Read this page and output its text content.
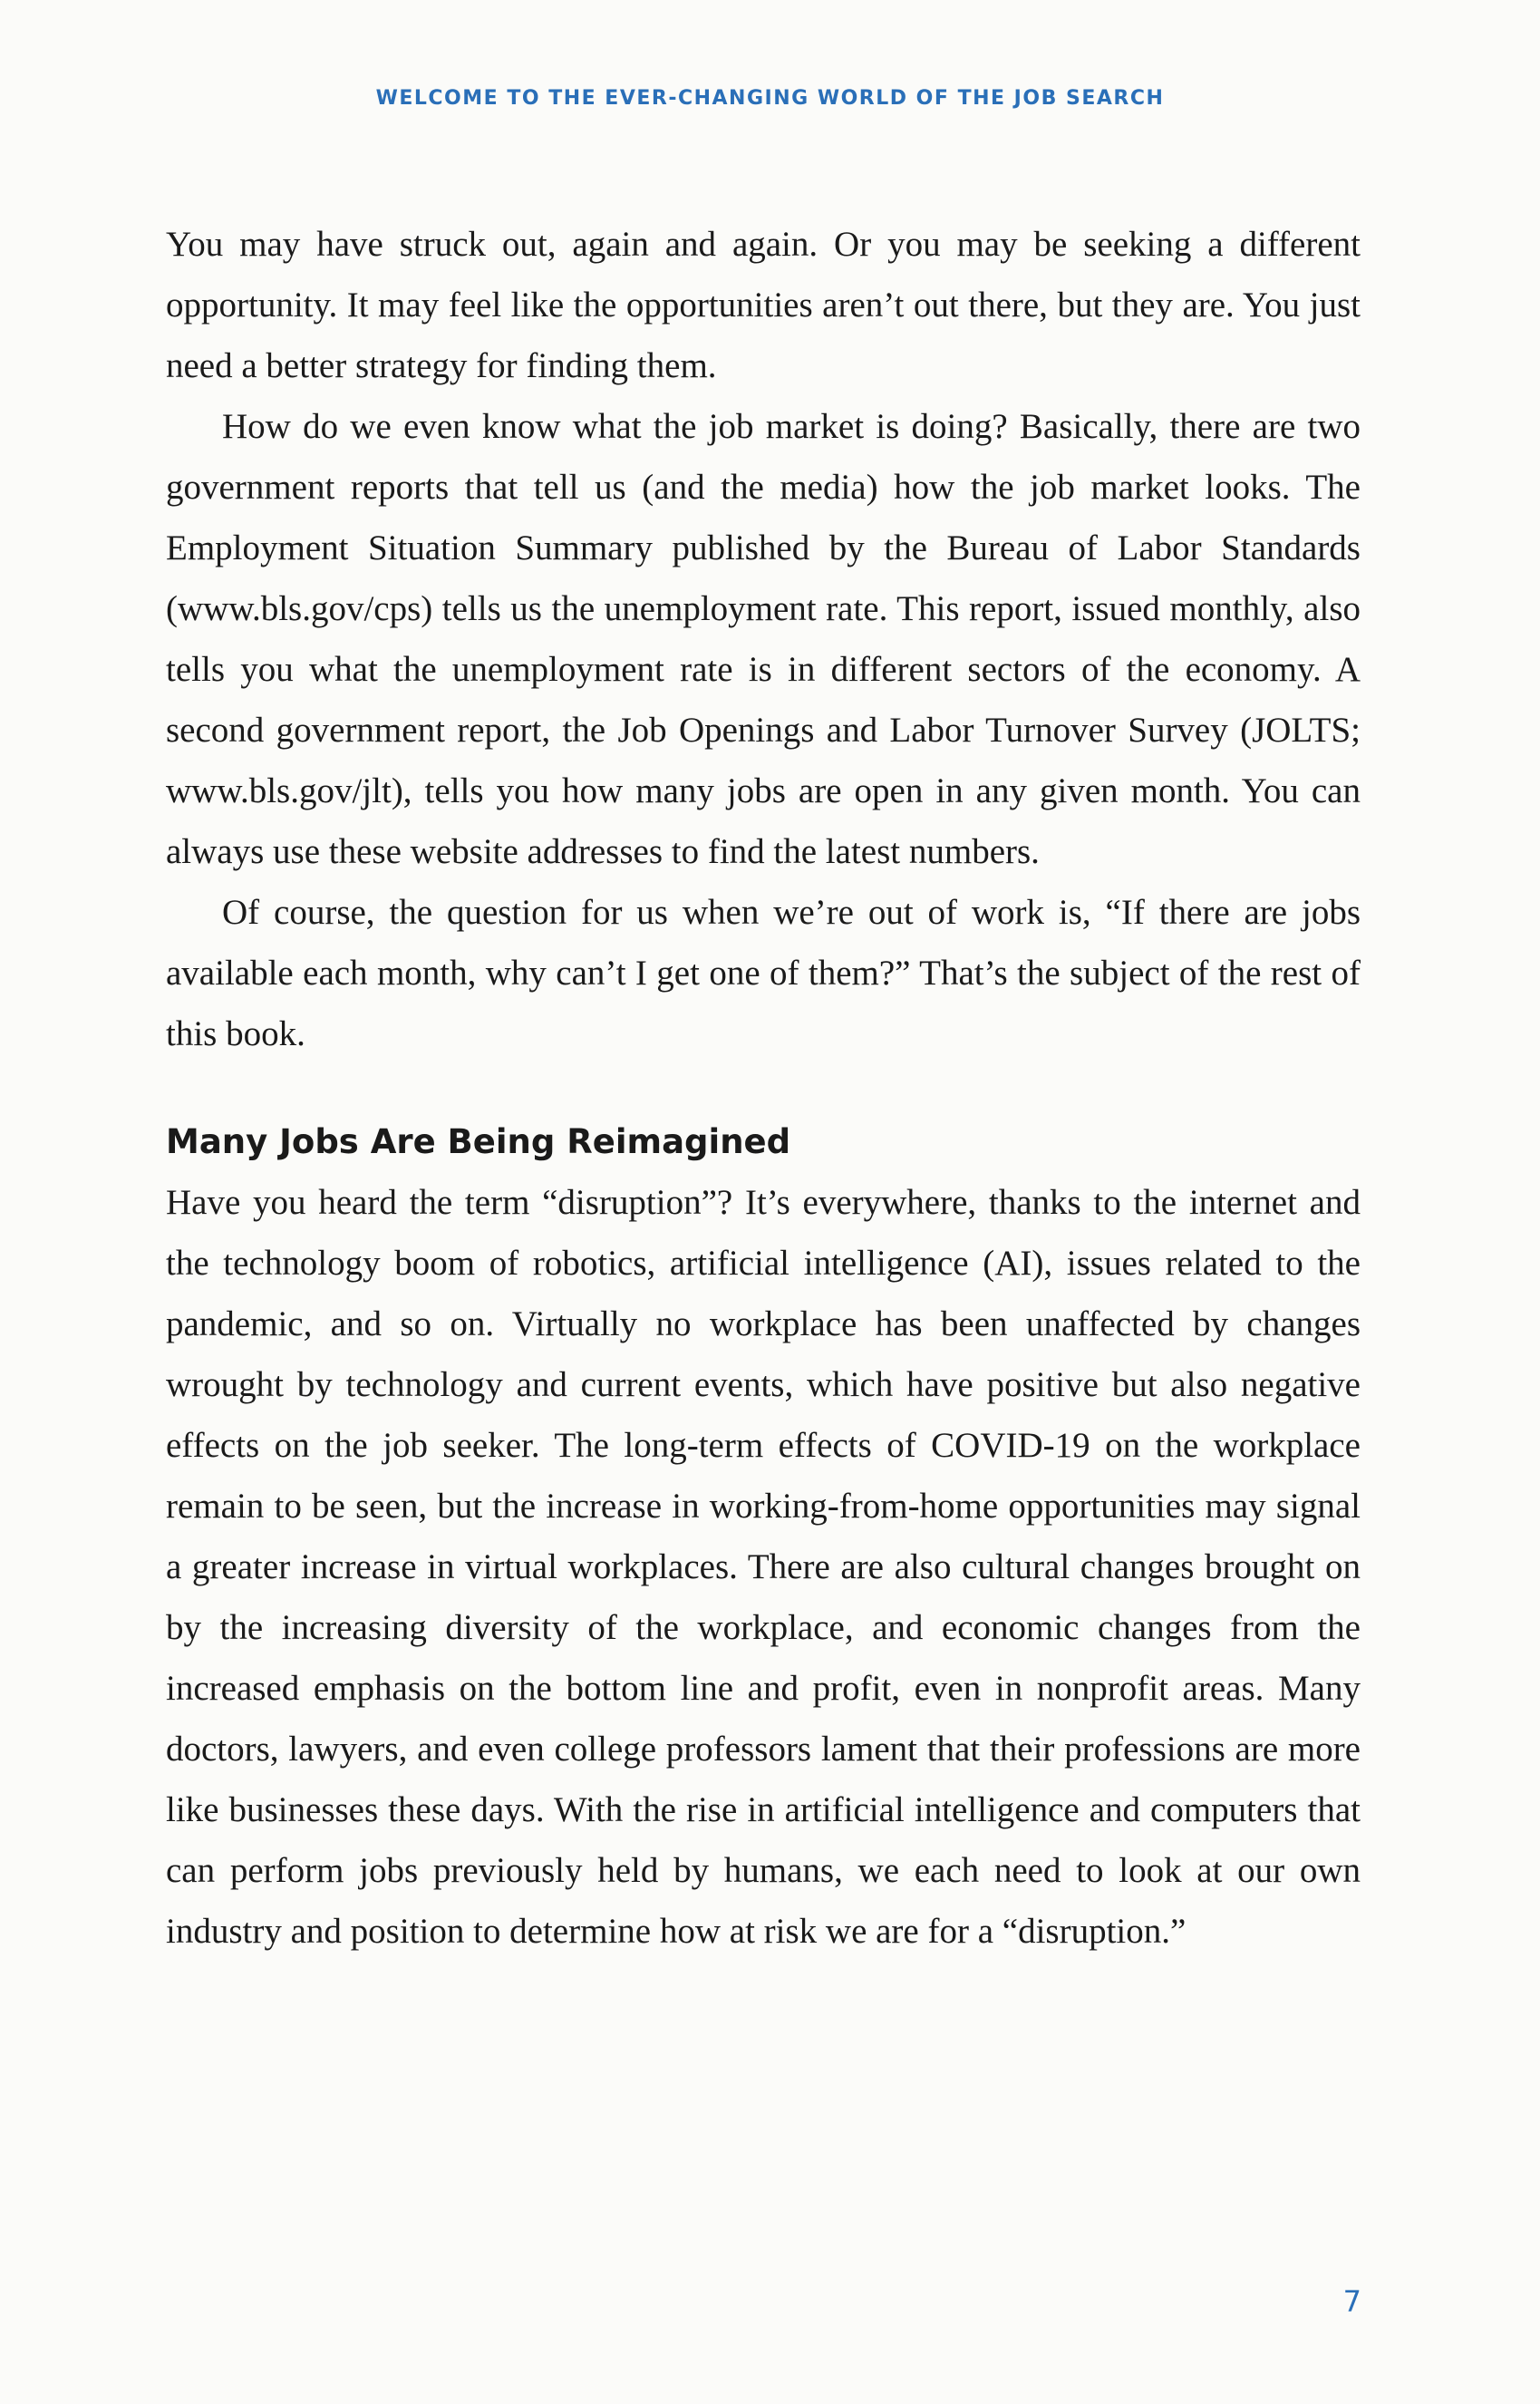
WELCOME TO THE EVER-CHANGING WORLD OF THE JOB SEARCH

You may have struck out, again and again. Or you may be seeking a different opportunity. It may feel like the opportunities aren’t out there, but they are. You just need a better strategy for finding them.

How do we even know what the job market is doing? Basically, there are two government reports that tell us (and the media) how the job market looks. The Employment Situation Summary published by the Bureau of Labor Standards (www.bls.gov/cps) tells us the unemployment rate. This report, issued monthly, also tells you what the unemployment rate is in different sectors of the economy. A second government report, the Job Openings and Labor Turnover Survey (JOLTS; www.bls.gov/jlt), tells you how many jobs are open in any given month. You can always use these website addresses to find the latest numbers.

Of course, the question for us when we’re out of work is, “If there are jobs available each month, why can’t I get one of them?” That’s the subject of the rest of this book.

Many Jobs Are Being Reimagined

Have you heard the term “disruption”? It’s everywhere, thanks to the internet and the technology boom of robotics, artificial intelligence (AI), issues related to the pandemic, and so on. Virtually no workplace has been unaffected by changes wrought by technology and current events, which have positive but also negative effects on the job seeker. The long-term effects of COVID-19 on the workplace remain to be seen, but the increase in working-from-home opportunities may signal a greater increase in virtual workplaces. There are also cultural changes brought on by the increasing diversity of the workplace, and economic changes from the increased emphasis on the bottom line and profit, even in nonprofit areas. Many doctors, lawyers, and even college professors lament that their professions are more like businesses these days. With the rise in artificial intelligence and computers that can perform jobs previously held by humans, we each need to look at our own industry and position to determine how at risk we are for a “disruption.”

7
